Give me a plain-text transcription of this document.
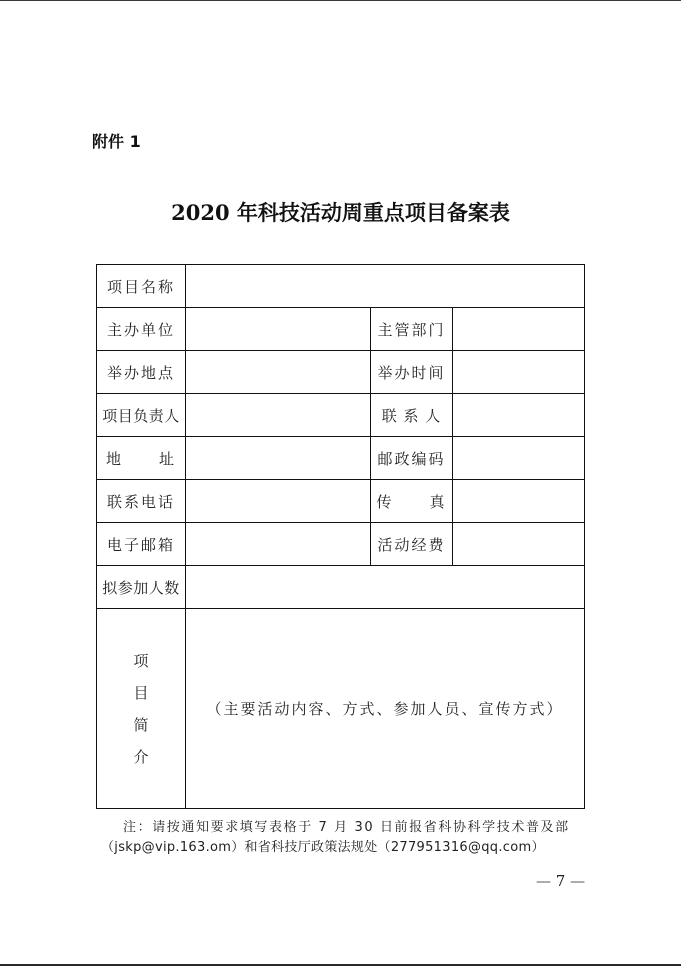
附件 1
2020 年科技活动周重点项目备案表
项目名称			
主办单位		主管部门	
举办地点		举办时间	
项目负责人		联 系 人	
地址		邮政编码	
联系电话		传真	
电子邮箱		活动经费	
拟参加人数			

项
目
简
介	（主要活动内容、方式、参加人员、宣传方式）		
注：请按通知要求填写表格于 7 月 30 日前报省科协科学技术普及部
（jskp@vip.163.om）和省科技厅政策法规处（277951316@qq.com）
— 7 —
